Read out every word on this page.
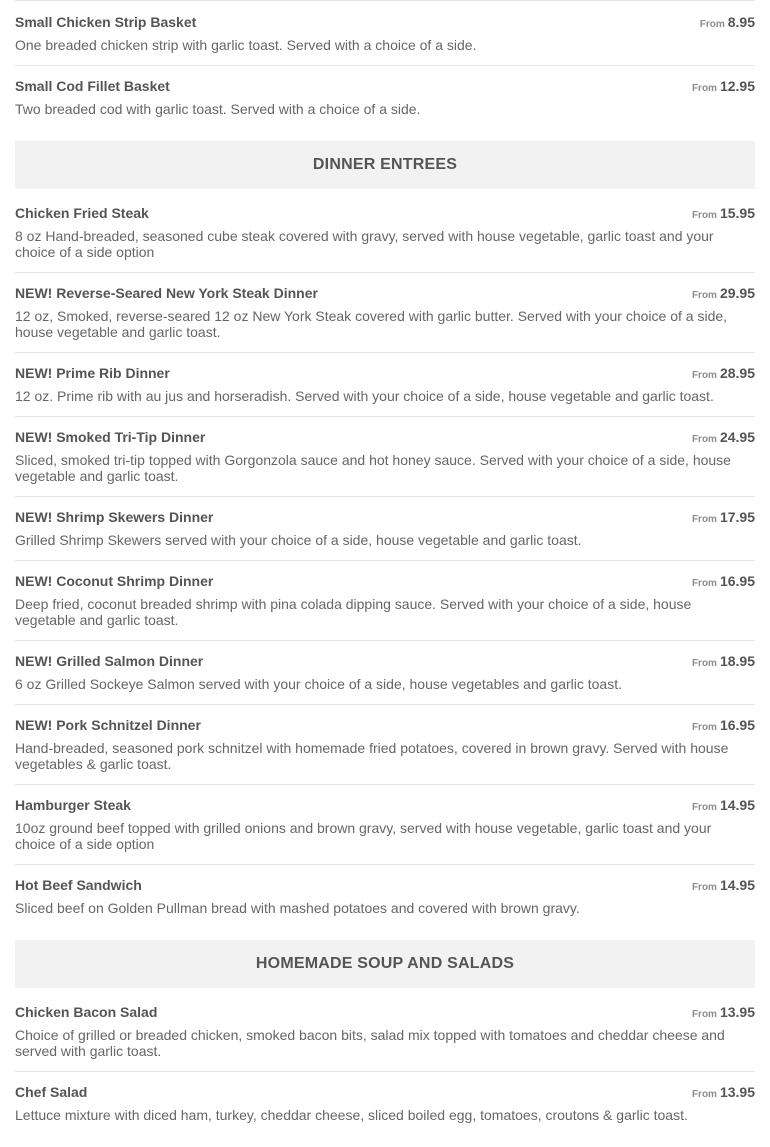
Small Chicken Strip Basket	From 8.95
One breaded chicken strip with garlic toast. Served with a choice of a side.
Small Cod Fillet Basket	From 12.95
Two breaded cod with garlic toast. Served with a choice of a side.
DINNER ENTREES
Chicken Fried Steak	From 15.95
8 oz Hand-breaded, seasoned cube steak covered with gravy, served with house vegetable, garlic toast and your choice of a side option
NEW! Reverse-Seared New York Steak Dinner	From 29.95
12 oz, Smoked, reverse-seared 12 oz New York Steak covered with garlic butter. Served with your choice of a side, house vegetable and garlic toast.
NEW! Prime Rib Dinner	From 28.95
12 oz. Prime rib with au jus and horseradish. Served with your choice of a side, house vegetable and garlic toast.
NEW! Smoked Tri-Tip Dinner	From 24.95
Sliced, smoked tri-tip topped with Gorgonzola sauce and hot honey sauce. Served with your choice of a side, house vegetable and garlic toast.
NEW! Shrimp Skewers Dinner	From 17.95
Grilled Shrimp Skewers served with your choice of a side, house vegetable and garlic toast.
NEW! Coconut Shrimp Dinner	From 16.95
Deep fried, coconut breaded shrimp with pina colada dipping sauce. Served with your choice of a side, house vegetable and garlic toast.
NEW! Grilled Salmon Dinner	From 18.95
6 oz Grilled Sockeye Salmon served with your choice of a side, house vegetables and garlic toast.
NEW! Pork Schnitzel Dinner	From 16.95
Hand-breaded, seasoned pork schnitzel with homemade fried potatoes, covered in brown gravy. Served with house vegetables & garlic toast.
Hamburger Steak	From 14.95
10oz ground beef topped with grilled onions and brown gravy, served with house vegetable, garlic toast and your choice of a side option
Hot Beef Sandwich	From 14.95
Sliced beef on Golden Pullman bread with mashed potatoes and covered with brown gravy.
HOMEMADE SOUP AND SALADS
Chicken Bacon Salad	From 13.95
Choice of grilled or breaded chicken, smoked bacon bits, salad mix topped with tomatoes and cheddar cheese and served with garlic toast.
Chef Salad	From 13.95
Lettuce mixture with diced ham, turkey, cheddar cheese, sliced boiled egg, tomatoes, croutons & garlic toast.
